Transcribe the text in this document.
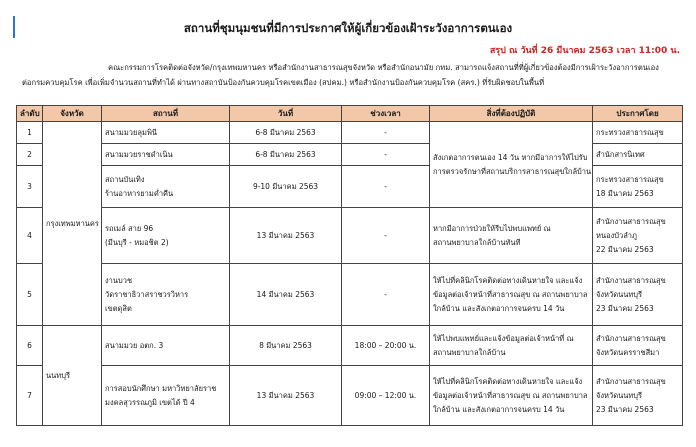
สถานที่ชุมนุมชนที่มีการประกาศให้ผู้เกี่ยวข้องเฝ้าระวังอาการตนเอง
สรุป ณ วันที่ 26 มีนาคม 2563 เวลา 11:00 น.
คณะกรรมการโรคติดต่อจังหวัด/กรุงเทพมหานคร หรือสำนักงานสาธารณสุขจังหวัด หรือสำนักอนามัย กทม. สามารถแจ้งสถานที่ที่ผู้เกี่ยวข้องต้องมีการเฝ้าระวังอาการตนเอง
ต่อกรมควบคุมโรค เพื่อเพิ่มจำนวนสถานที่ทำได้ ผ่านทางสถาบันป้องกันควบคุมโรคเขตเมือง (สปคม.) หรือสำนักงานป้องกันควบคุมโรค (สคร.) ที่รับผิดชอบในพื้นที่
ลำดับ	จังหวัด	สถานที่	วันที่	ช่วงเวลา	สิ่งที่ต้องปฏิบัติ	ประกาศโดย
1	กรุงเทพมหานคร	สนามมวยลุมพินี	6-8 มีนาคม 2563	-	สังเกตอาการตนเอง 14 วัน หากมีอาการให้ไปรับ
การตรวจรักษาที่สถานบริการสาธารณสุขใกล้บ้าน	กระทรวงสาธารณสุข

2		สนามมวยราชดำเนิน	6-8 มีนาคม 2563	-		สำนักสารนิเทศ

3		สถานบันเทิง
ร้านอาหารยามค่ำคืน	9-10 มีนาคม 2563	-		กระทรวงสาธารณสุข
18 มีนาคม 2563

4		รถเมล์ สาย 96
(มีนบุรี - หมอชิต 2)	13 มีนาคม 2563	-	หากมีอาการป่วยให้รีบไปพบแพทย์ ณ
สถานพยาบาลใกล้บ้านทันที	สำนักงานสาธารณสุข
หนองบัวลำภู
22 มีนาคม 2563

5		งานบวช
วัดราชาธิวาสราชวรวิหาร
เขตดุสิต	14 มีนาคม 2563	-	ให้ไปที่คลินิกโรคติดต่อทางเดินหายใจ และแจ้ง
ข้อมูลต่อเจ้าหน้าที่สาธารณสุข ณ สถานพยาบาล
ใกล้บ้าน และสังเกตอาการจนครบ 14 วัน	สำนักงานสาธารณสุข
จังหวัดนนทบุรี
23 มีนาคม 2563

6	นนทบุรี	สนามมวย อตก. 3	8 มีนาคม 2563	18:00 – 20:00 น.	ให้ไปพบแพทย์และแจ้งข้อมูลต่อเจ้าหน้าที่ ณ
สถานพยาบาลใกล้บ้าน	สำนักงานสาธารณสุข
จังหวัดนครราชสีมา

7		การสอบนักศึกษา มหาวิทยาลัยราช
มงคลสุวรรณภูมิ เขตได้ ปี 4	13 มีนาคม 2563	09:00 – 12:00 น.	ให้ไปที่คลินิกโรคติดต่อทางเดินหายใจ และแจ้ง
ข้อมูลต่อเจ้าหน้าที่สาธารณสุข ณ สถานพยาบาล
ใกล้บ้าน และสังเกตอาการจนครบ 14 วัน	สำนักงานสาธารณสุข
จังหวัดนนทบุรี
23 มีนาคม 2563
